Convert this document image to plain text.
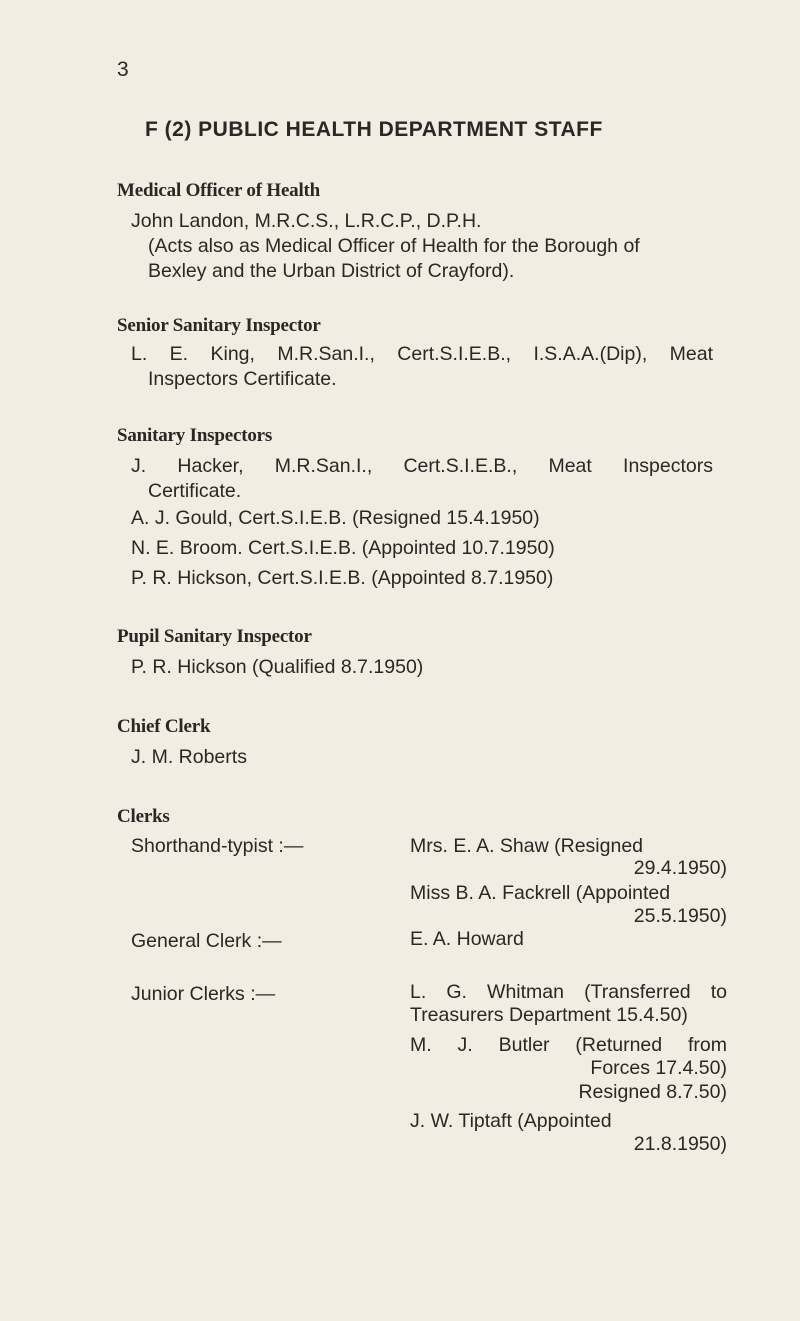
3
F (2) PUBLIC HEALTH DEPARTMENT STAFF
Medical Officer of Health
John Landon, M.R.C.S., L.R.C.P., D.P.H.
(Acts also as Medical Officer of Health for the Borough of
Bexley and the Urban District of Crayford).
Senior Sanitary Inspector
L. E. King, M.R.San.I., Cert.S.I.E.B., I.S.A.A.(Dip), Meat
Inspectors Certificate.
Sanitary Inspectors
J. Hacker, M.R.San.I., Cert.S.I.E.B., Meat Inspectors
Certificate.
A. J. Gould, Cert.S.I.E.B. (Resigned 15.4.1950)
N. E. Broom. Cert.S.I.E.B. (Appointed 10.7.1950)
P. R. Hickson, Cert.S.I.E.B. (Appointed 8.7.1950)
Pupil Sanitary Inspector
P. R. Hickson (Qualified 8.7.1950)
Chief Clerk
J. M. Roberts
Clerks
Shorthand-typist :—	Mrs. E. A. Shaw (Resigned
29.4.1950)
Miss B. A. Fackrell (Appointed
25.5.1950)
General Clerk :—	E. A. Howard
Junior Clerks :—	L. G. Whitman (Transferred to
Treasurers Department 15.4.50)
M. J. Butler (Returned from
Forces 17.4.50)
Resigned 8.7.50)
J. W. Tiptaft (Appointed
21.8.1950)
